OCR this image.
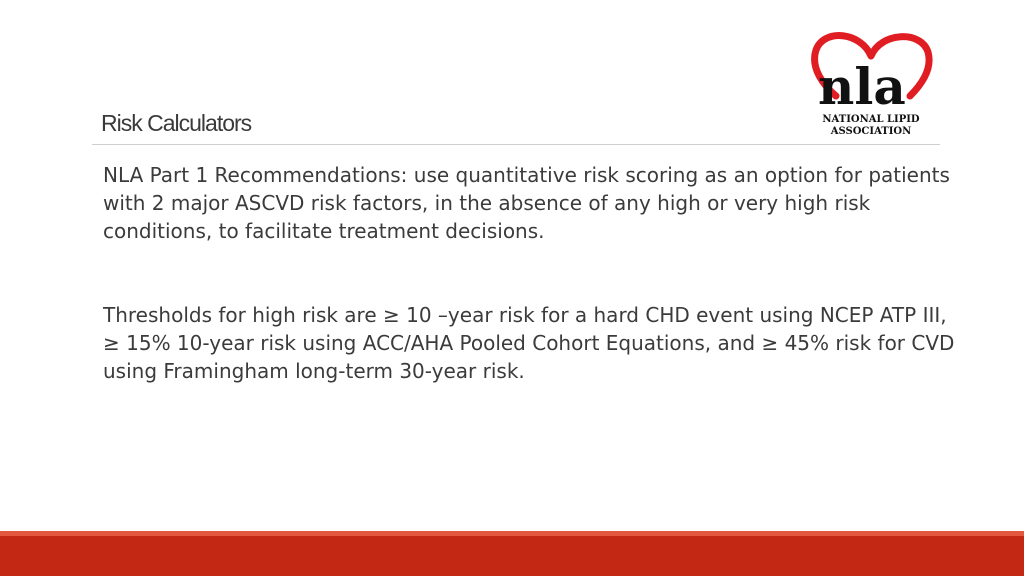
nla
NATIONAL LIPID
ASSOCIATION
Risk Calculators
NLA Part 1 Recommendations: use quantitative risk scoring as an option for patients with 2 major ASCVD risk factors, in the absence of any high or very high risk conditions, to facilitate treatment decisions.
Thresholds for high risk are ≥ 10 –year risk for a hard CHD event using NCEP ATP III, ≥ 15% 10-year risk using ACC/AHA Pooled Cohort Equations, and ≥ 45% risk for CVD using Framingham long-term 30-year risk.
